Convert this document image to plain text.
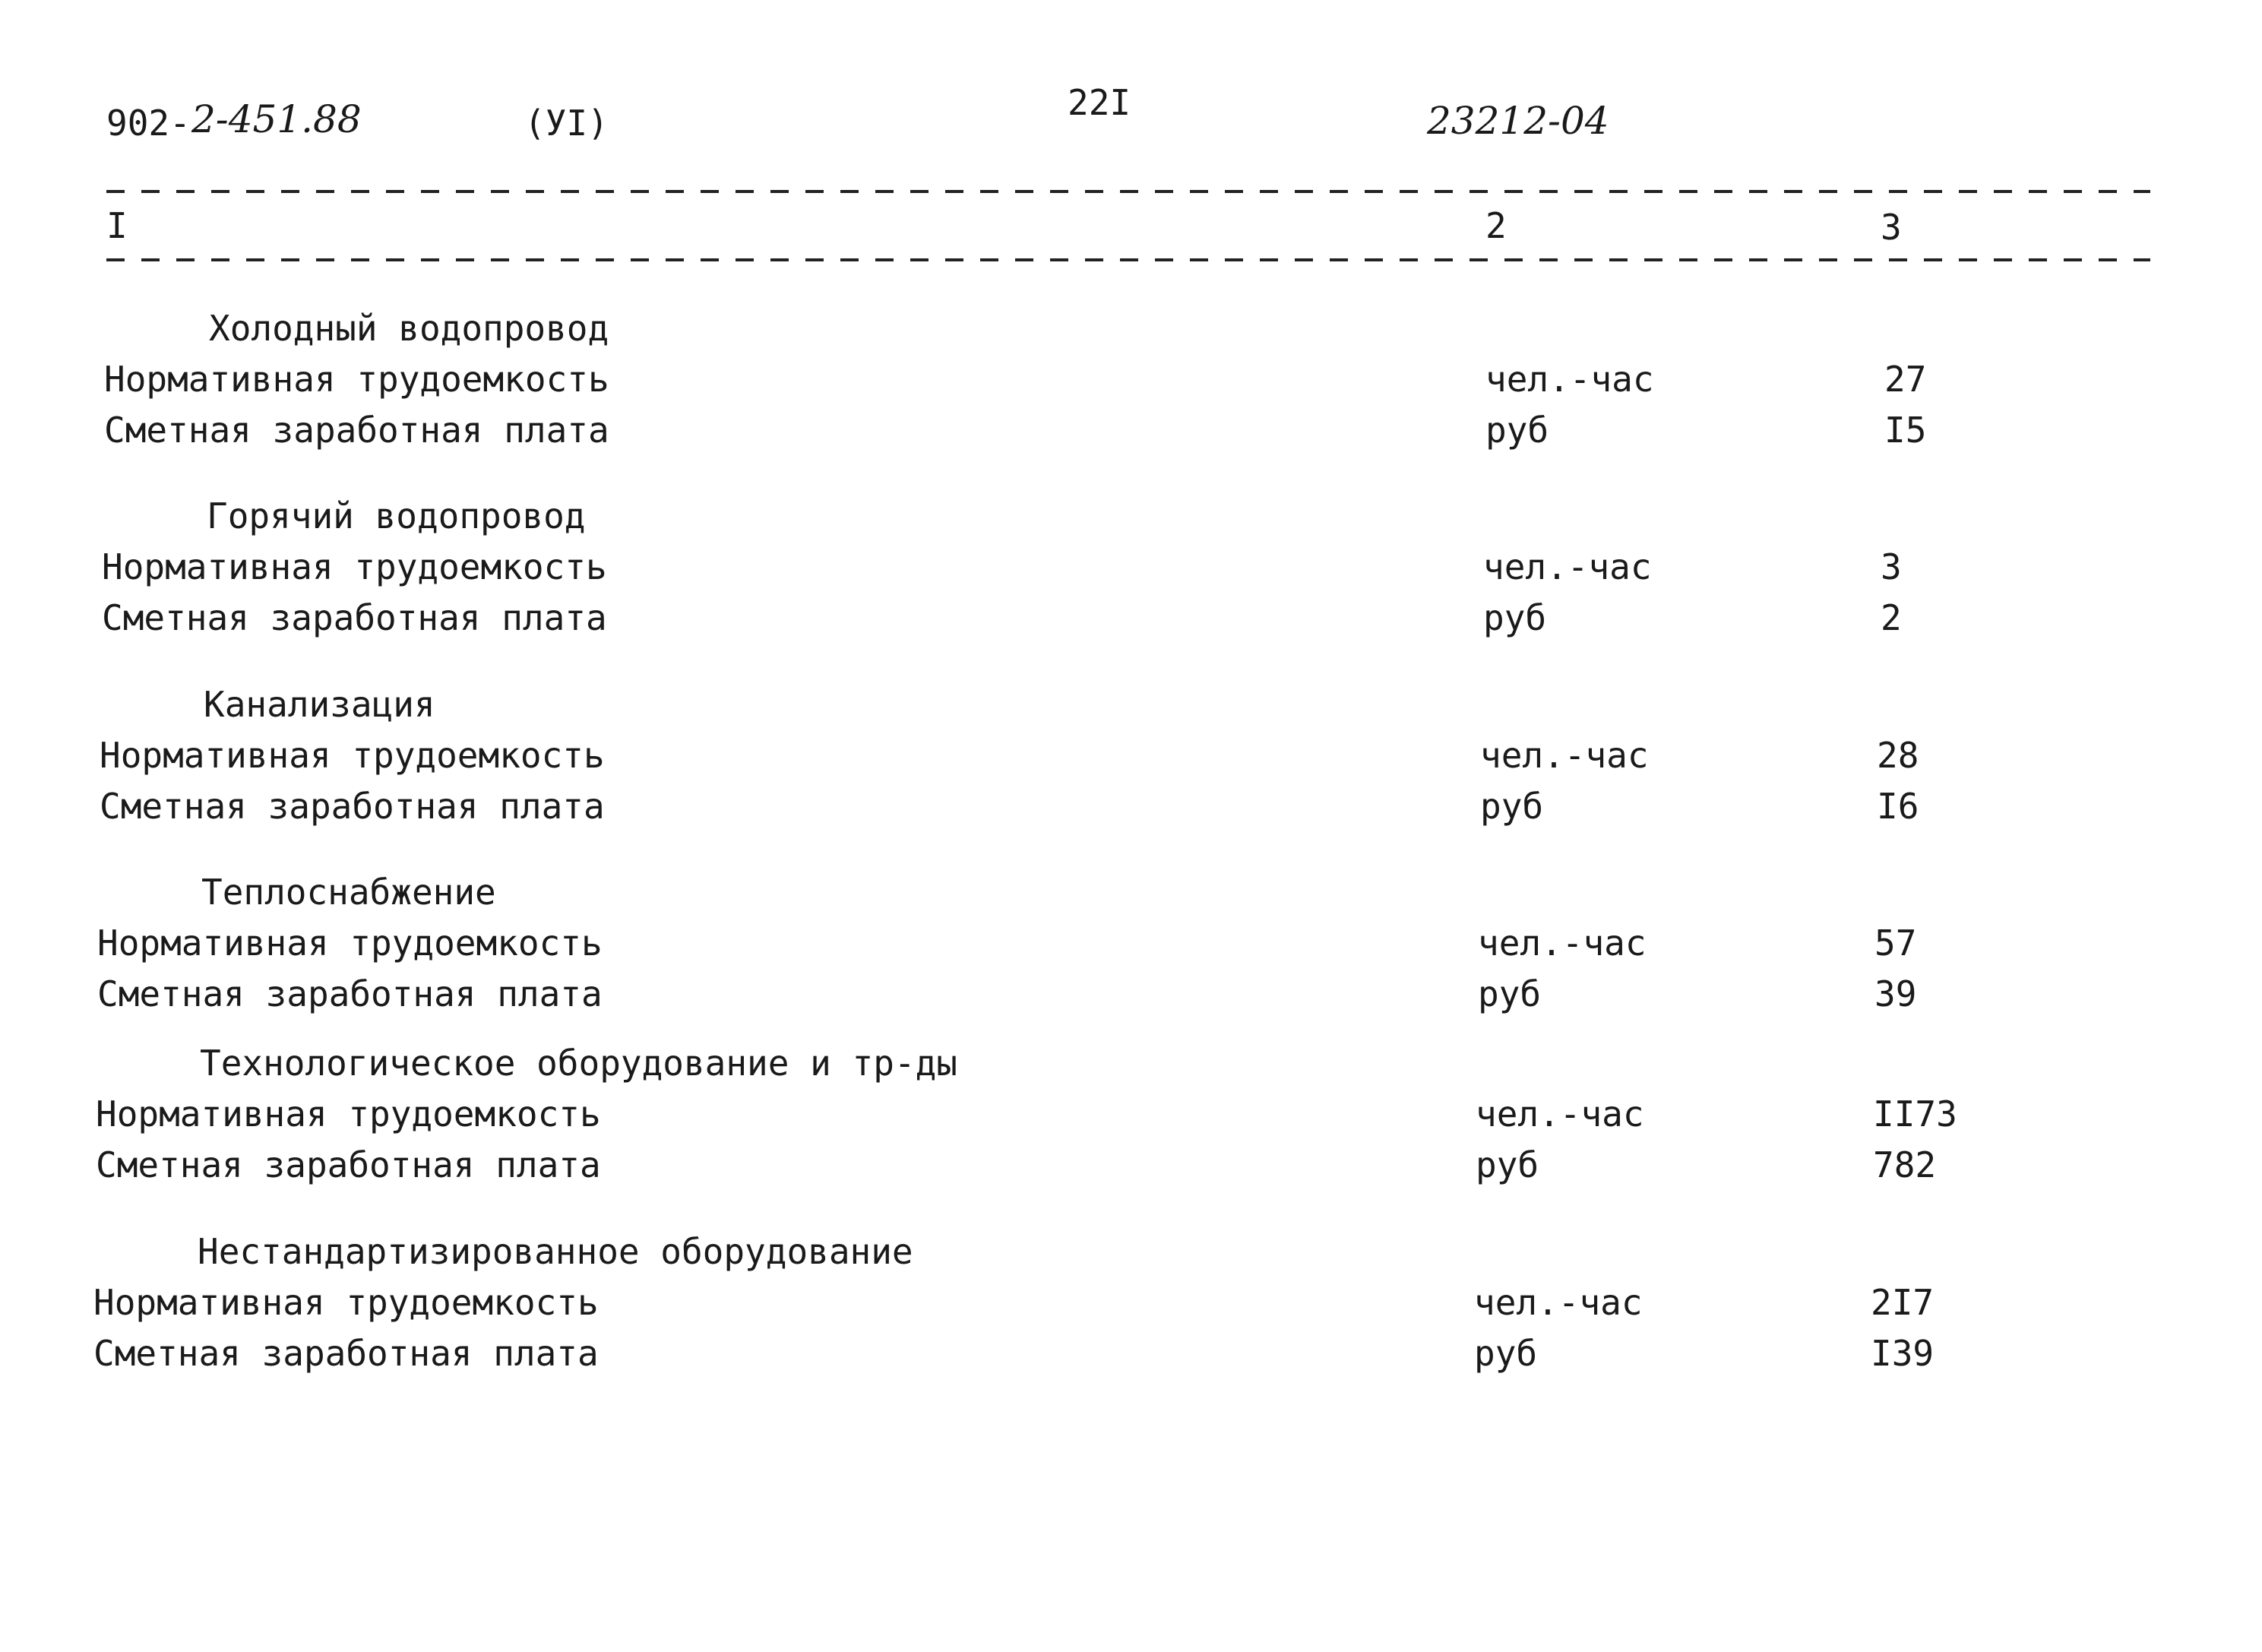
902- 2-451.88	(УI)	22I	23212-04
I	2	3
Холодный водопровод
Нормативная трудоемкость	чел.-час	27
Сметная заработная плата	руб	I5
Горячий водопровод
Нормативная трудоемкость	чел.-час	3
Сметная заработная плата	руб	2
Канализация
Нормативная трудоемкость	чел.-час	28
Сметная заработная плата	руб	I6
Теплоснабжение
Нормативная трудоемкость	чел.-час	57
Сметная заработная плата	руб	39
Технологическое оборудование и тр-ды
Нормативная трудоемкость	чел.-час	II73
Сметная заработная плата	руб	782
Нестандартизированное оборудование
Нормативная трудоемкость	чел.-час	2I7
Сметная заработная плата	руб	I39
